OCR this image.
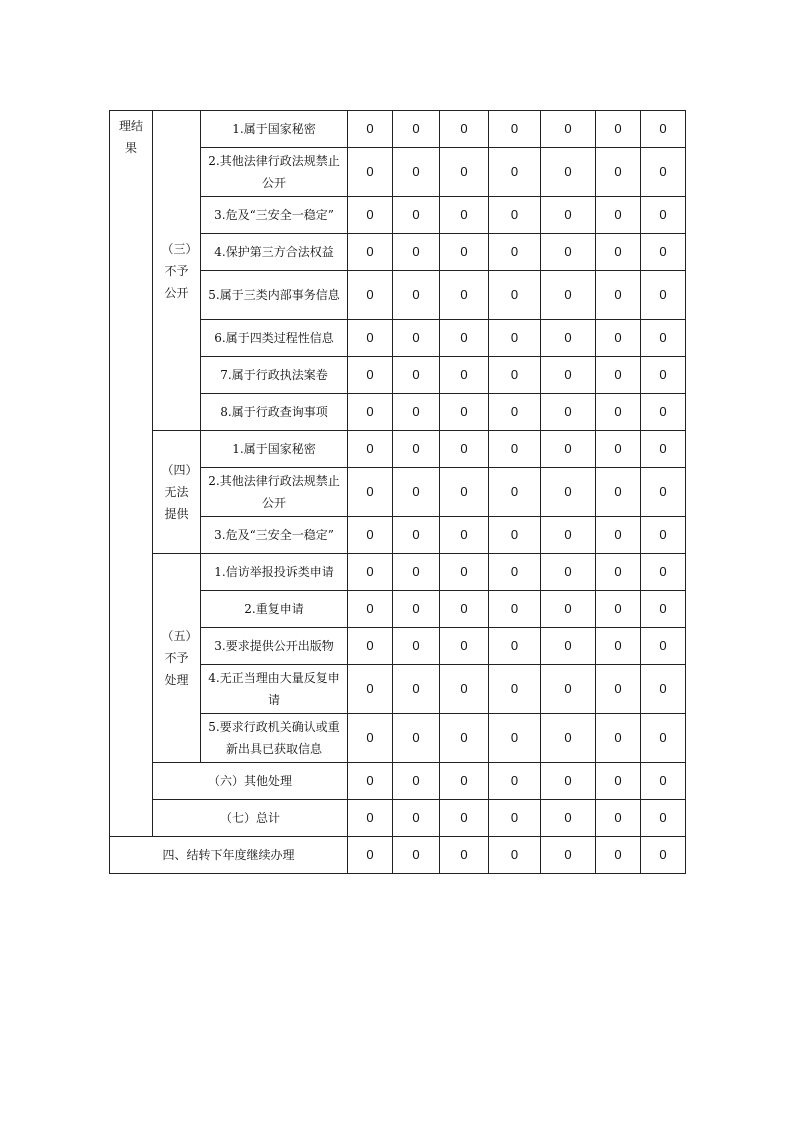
理结果	（三）不予公开	1.属于国家秘密	0	0	0	0	0	0	0
		2.其他法律行政法规禁止公开	0	0	0	0	0	0	0
		3.危及“三安全一稳定”	0	0	0	0	0	0	0
		4.保护第三方合法权益	0	0	0	0	0	0	0
		5.属于三类内部事务信息	0	0	0	0	0	0	0
		6.属于四类过程性信息	0	0	0	0	0	0	0
		7.属于行政执法案卷	0	0	0	0	0	0	0
		8.属于行政查询事项	0	0	0	0	0	0	0

	（四）无法提供	1.属于国家秘密	0	0	0	0	0	0	0
		2.其他法律行政法规禁止公开	0	0	0	0	0	0	0
		3.危及“三安全一稳定”	0	0	0	0	0	0	0

	（五）不予处理	1.信访举报投诉类申请	0	0	0	0	0	0	0
		2.重复申请	0	0	0	0	0	0	0
		3.要求提供公开出版物	0	0	0	0	0	0	0
		4.无正当理由大量反复申请	0	0	0	0	0	0	0
		5.要求行政机关确认或重新出具已获取信息	0	0	0	0	0	0	0
	（六）其他处理		0	0	0	0	0	0	0
	（七）总计		0	0	0	0	0	0	0
四、结转下年度继续办理			0	0	0	0	0	0	0
